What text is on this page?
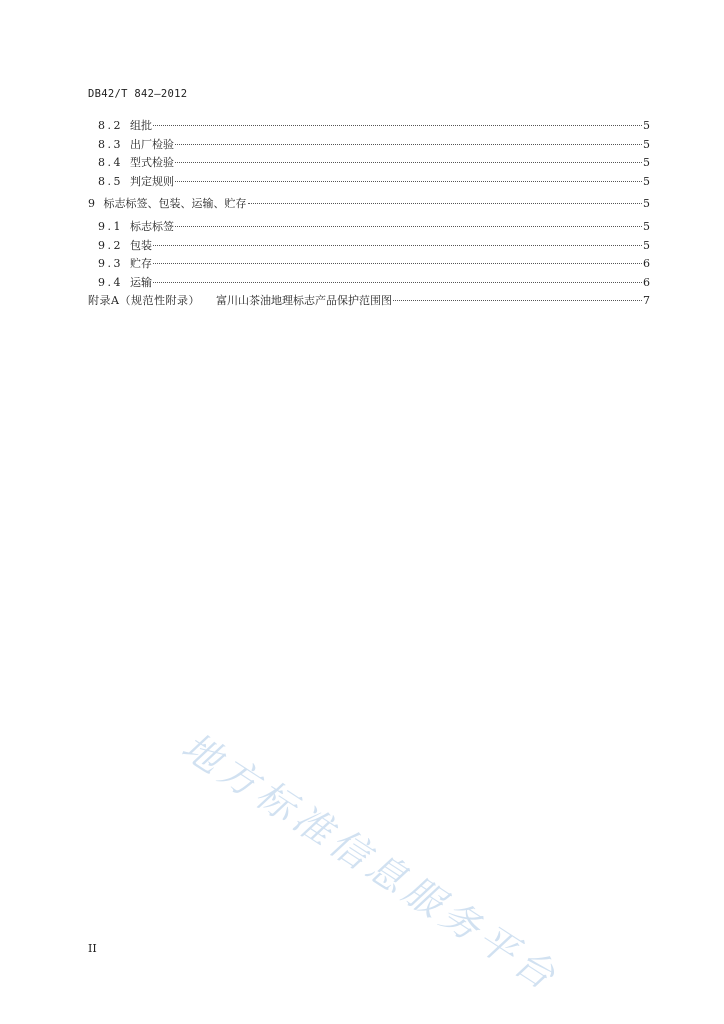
DB42/T 842—2012
8.2 组批	5
8.3 出厂检验	5
8.4 型式检验	5
8.5 判定规则	5
9 标志标签、包装、运输、贮存	5
9.1 标志标签	5
9.2 包装	5
9.3 贮存	6
9.4 运输	6
附录A（规范性附录） 富川山茶油地理标志产品保护范围图	7
地方标准信息服务平台
II
